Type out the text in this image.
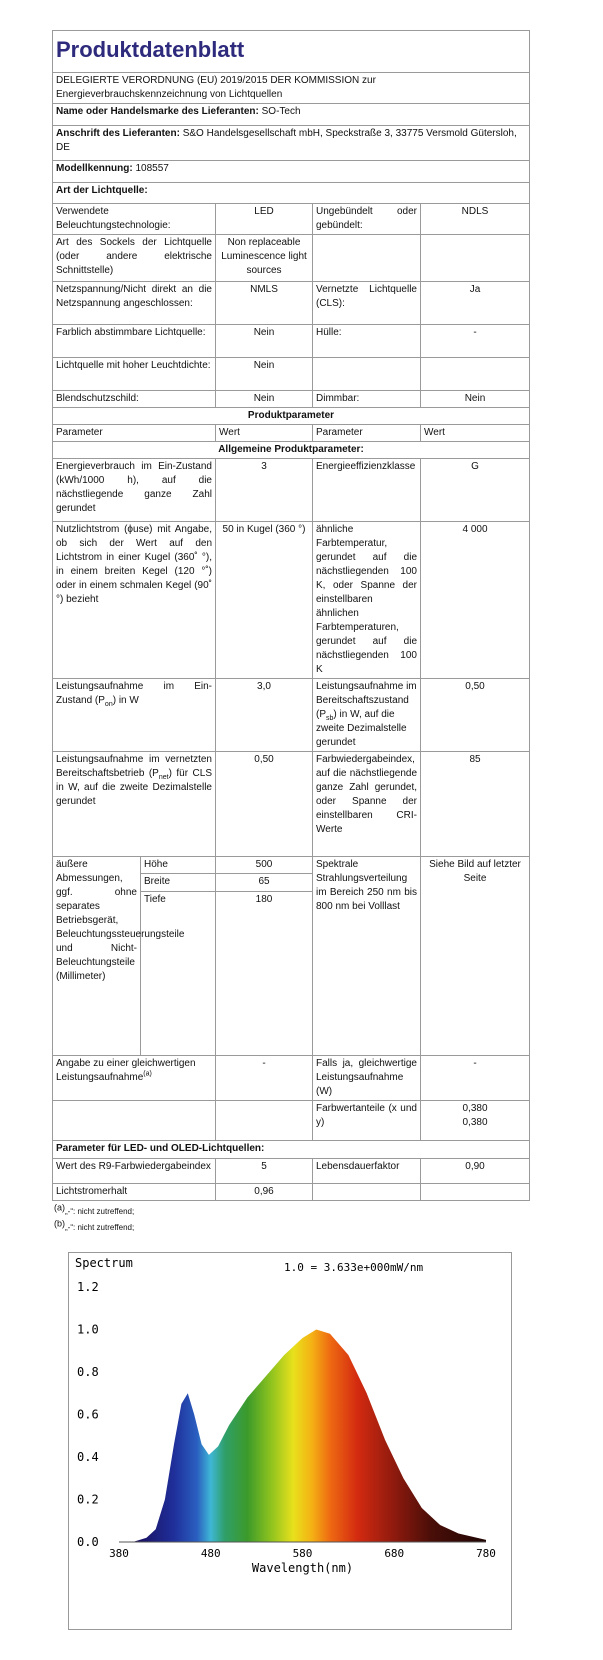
Produktdatenblatt				
DELEGIERTE VERORDNUNG (EU) 2019/2015 DER KOMMISSION zur Energieverbrauchskennzeichnung von Lichtquellen				
Name oder Handelsmarke des Lieferanten: SO-Tech				
Anschrift des Lieferanten: S&O Handelsgesellschaft mbH, Speckstraße 3, 33775 Versmold Gütersloh, DE				
Modellkennung: 108557				
Art der Lichtquelle:				
Verwendete Beleuchtungstechnologie:		LED	Ungebündelt oder gebündelt:	NDLS
Art des Sockels der Lichtquelle (oder andere elektrische Schnittstelle)		Non replaceable Luminescence light sources		
Netzspannung/Nicht direkt an die Netzspannung angeschlossen:		NMLS	Vernetzte Lichtquelle (CLS):	Ja
Farblich abstimmbare Lichtquelle:		Nein	Hülle:	-
Lichtquelle mit hoher Leuchtdichte:		Nein		
Blendschutzschild:		Nein	Dimmbar:	Nein
Produktparameter				
Parameter		Wert	Parameter	Wert
Allgemeine Produktparameter:				
Energieverbrauch im Ein-Zustand (kWh/1000 h), auf die nächstliegende ganze Zahl gerundet		3	Energieeffizienzklasse	G
Nutzlichtstrom (ϕuse) mit Angabe, ob sich der Wert auf den Lichtstrom in einer Kugel (360˚ °), in einem breiten Kegel (120 °˚) oder in einem schmalen Kegel (90˚ °) bezieht		50 in Kugel (360 °)	ähnliche Farbtemperatur, gerundet auf die nächstliegenden 100 K, oder Spanne der einstellbaren ähnlichen Farbtemperaturen, gerundet auf die nächstliegenden 100 K	4 000
Leistungsaufnahme im Ein-Zustand $(P_{on})$ in W		3,0	Leistungsaufnahme im Bereitschaftszustand $(P_{sb})$ in W, auf die zweite Dezimalstelle gerundet	0,50
Leistungsaufnahme im vernetzten Bereitschaftsbetrieb $(P_{net})$ für CLS in W, auf die zweite Dezimalstelle gerundet		0,50	Farbwiedergabeindex, auf die nächstliegende ganze Zahl gerundet, oder Spanne der einstellbaren CRI-Werte	85
äußere Abmessungen, ggf. ohne separates Betriebsgerät, Beleuchtungssteuerungsteile und Nicht-Beleuchtungsteile (Millimeter)	Höhe	500	Spektrale Strahlungsverteilung im Bereich 250 nm bis 800 nm bei Volllast	Siehe Bild auf letzter Seite
	Breite	65		
	Tiefe	180		
Angabe zu einer gleichwertigen Leistungsaufnahme$^{(a)}$		-	Falls ja, gleichwertige Leistungsaufnahme (W)	-
			Farbwertanteile (x und y)	0,380
0,380
Parameter für LED- und OLED-Lichtquellen:				
Wert des R9-Farbwiedergabeindex		5	Lebensdauerfaktor	0,90
Lichtstromerhalt		0,96		
$^{(a)}$„-“: nicht zutreffend;
$^{(b)}$„-“: nicht zutreffend;
Spectrum	1.0 = 3.633e+000mW/nm
0.0
0.2
0.4
0.6
0.8
1.0
1.2
380	480	580	680	780
Wavelength(nm)
